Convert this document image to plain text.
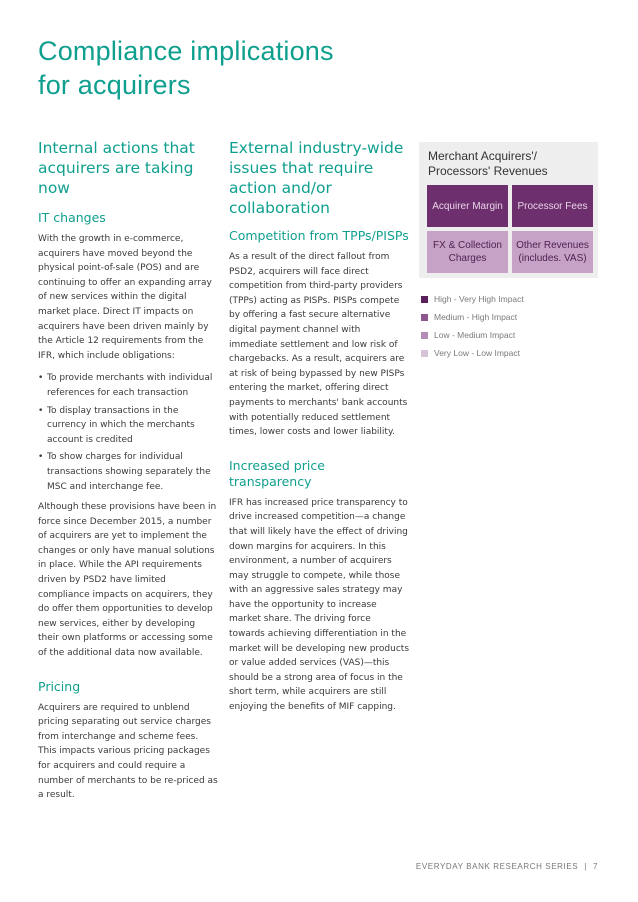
Compliance implications
for acquirers
Internal actions that acquirers are taking now
IT changes
With the growth in e-commerce, acquirers have moved beyond the physical point-of-sale (POS) and are continuing to offer an expanding array of new services within the digital market place. Direct IT impacts on acquirers have been driven mainly by the Article 12 requirements from the IFR, which include obligations:
• To provide merchants with individual references for each transaction
• To display transactions in the currency in which the merchants account is credited
• To show charges for individual transactions showing separately the MSC and interchange fee.
Although these provisions have been in force since December 2015, a number of acquirers are yet to implement the changes or only have manual solutions in place. While the API requirements driven by PSD2 have limited compliance impacts on acquirers, they do offer them opportunities to develop new services, either by developing their own platforms or accessing some of the additional data now available.
Pricing
Acquirers are required to unblend pricing separating out service charges from interchange and scheme fees. This impacts various pricing packages for acquirers and could require a number of merchants to be re-priced as a result.
External industry-wide issues that require action and/or collaboration
Competition from TPPs/PISPs
As a result of the direct fallout from PSD2, acquirers will face direct competition from third-party providers (TPPs) acting as PISPs. PISPs compete by offering a fast secure alternative digital payment channel with immediate settlement and low risk of chargebacks. As a result, acquirers are at risk of being bypassed by new PISPs entering the market, offering direct payments to merchants' bank accounts with potentially reduced settlement times, lower costs and lower liability.
Increased price transparency
IFR has increased price transparency to drive increased competition—a change that will likely have the effect of driving down margins for acquirers. In this environment, a number of acquirers may struggle to compete, while those with an aggressive sales strategy may have the opportunity to increase market share. The driving force towards achieving differentiation in the market will be developing new products or value added services (VAS)—this should be a strong area of focus in the short term, while acquirers are still enjoying the benefits of MIF capping.
Merchant Acquirers'/ Processors' Revenues
Acquirer Margin Processor Fees
FX & Collection Charges
Other Revenues (includes. VAS)
High - Very High Impact
Medium - High Impact
Low - Medium Impact
Very Low - Low Impact
EVERYDAY BANK RESEARCH SERIES | 7
